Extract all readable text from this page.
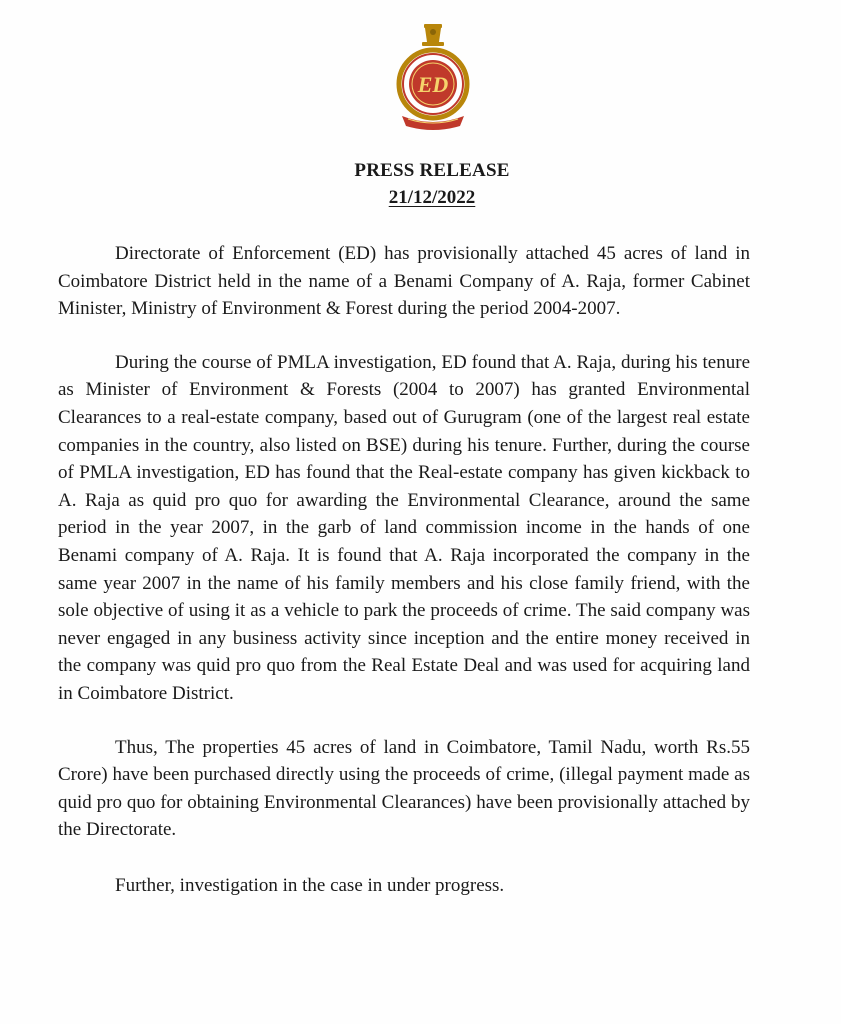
ED
PRESS RELEASE
21/12/2022

Directorate of Enforcement (ED) has provisionally attached 45 acres of land in Coimbatore District held in the name of a Benami Company of A. Raja, former Cabinet Minister, Ministry of Environment & Forest during the period 2004-2007.

During the course of PMLA investigation, ED found that A. Raja, during his tenure as Minister of Environment & Forests (2004 to 2007) has granted Environmental Clearances to a real-estate company, based out of Gurugram (one of the largest real estate companies in the country, also listed on BSE) during his tenure. Further, during the course of PMLA investigation, ED has found that the Real-estate company has given kickback to A. Raja as quid pro quo for awarding the Environmental Clearance, around the same period in the year 2007, in the garb of land commission income in the hands of one Benami company of A. Raja. It is found that A. Raja incorporated the company in the same year 2007 in the name of his family members and his close family friend, with the sole objective of using it as a vehicle to park the proceeds of crime. The said company was never engaged in any business activity since inception and the entire money received in the company was quid pro quo from the Real Estate Deal and was used for acquiring land in Coimbatore District.

Thus, The properties 45 acres of land in Coimbatore, Tamil Nadu, worth Rs.55 Crore) have been purchased directly using the proceeds of crime, (illegal payment made as quid pro quo for obtaining Environmental Clearances) have been provisionally attached by the Directorate.

Further, investigation in the case in under progress.
